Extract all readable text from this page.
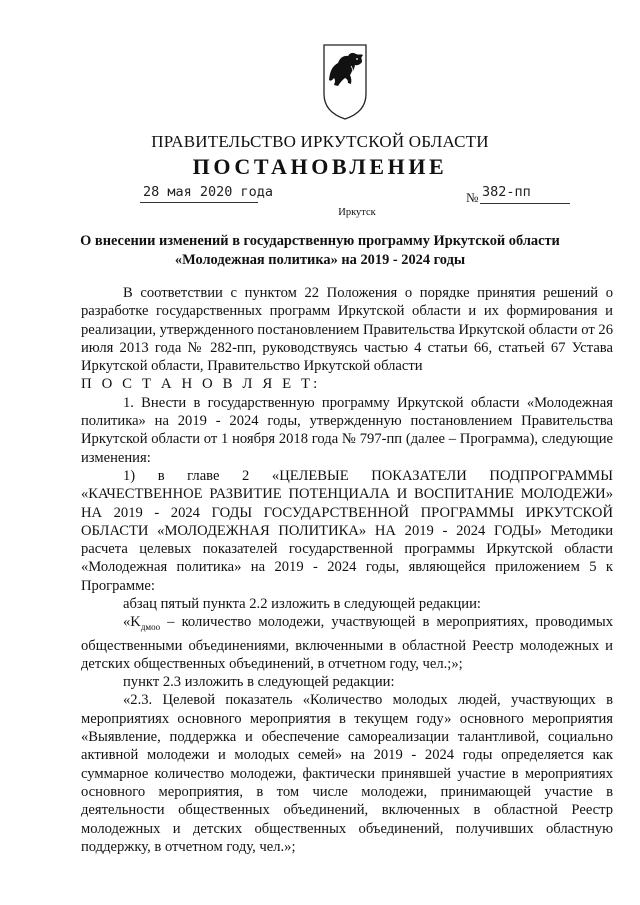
ПРАВИТЕЛЬСТВО ИРКУТСКОЙ ОБЛАСТИ
ПОСТАНОВЛЕНИЕ
28 мая 2020 года	№ 382-пп
Иркутск
О внесении изменений в государственную программу Иркутской области
«Молодежная политика» на 2019 - 2024 годы

В соответствии с пунктом 22 Положения о порядке принятия решений о разработке государственных программ Иркутской области и их формирования и реализации, утвержденного постановлением Правительства Иркутской области от 26 июля 2013 года № 282-пп, руководствуясь частью 4 статьи 66, статьей 67 Устава Иркутской области, Правительство Иркутской области

П О С Т А Н О В Л Я Е Т:

1. Внести в государственную программу Иркутской области «Молодежная политика» на 2019 - 2024 годы, утвержденную постановлением Правительства Иркутской области от 1 ноября 2018 года № 797-пп (далее – Программа), следующие изменения:

1) в главе 2 «ЦЕЛЕВЫЕ ПОКАЗАТЕЛИ ПОДПРОГРАММЫ «КАЧЕСТВЕННОЕ РАЗВИТИЕ ПОТЕНЦИАЛА И ВОСПИТАНИЕ МОЛОДЕЖИ» НА 2019 - 2024 ГОДЫ ГОСУДАРСТВЕННОЙ ПРОГРАММЫ ИРКУТСКОЙ ОБЛАСТИ «МОЛОДЕЖНАЯ ПОЛИТИКА» НА 2019 - 2024 ГОДЫ» Методики расчета целевых показателей государственной программы Иркутской области «Молодежная политика» на 2019 - 2024 годы, являющейся приложением 5 к Программе:

абзац пятый пункта 2.2 изложить в следующей редакции:

«$K_{дмоо}$ – количество молодежи, участвующей в мероприятиях, проводимых общественными объединениями, включенными в областной Реестр молодежных и детских общественных объединений, в отчетном году, чел.;»;

пункт 2.3 изложить в следующей редакции:

«2.3. Целевой показатель «Количество молодых людей, участвующих в мероприятиях основного мероприятия в текущем году» основного мероприятия «Выявление, поддержка и обеспечение самореализации талантливой, социально активной молодежи и молодых семей» на 2019 - 2024 годы определяется как суммарное количество молодежи, фактически принявшей участие в мероприятиях основного мероприятия, в том числе молодежи, принимающей участие в деятельности общественных объединений, включенных в областной Реестр молодежных и детских общественных объединений, получивших областную поддержку, в отчетном году, чел.»;
